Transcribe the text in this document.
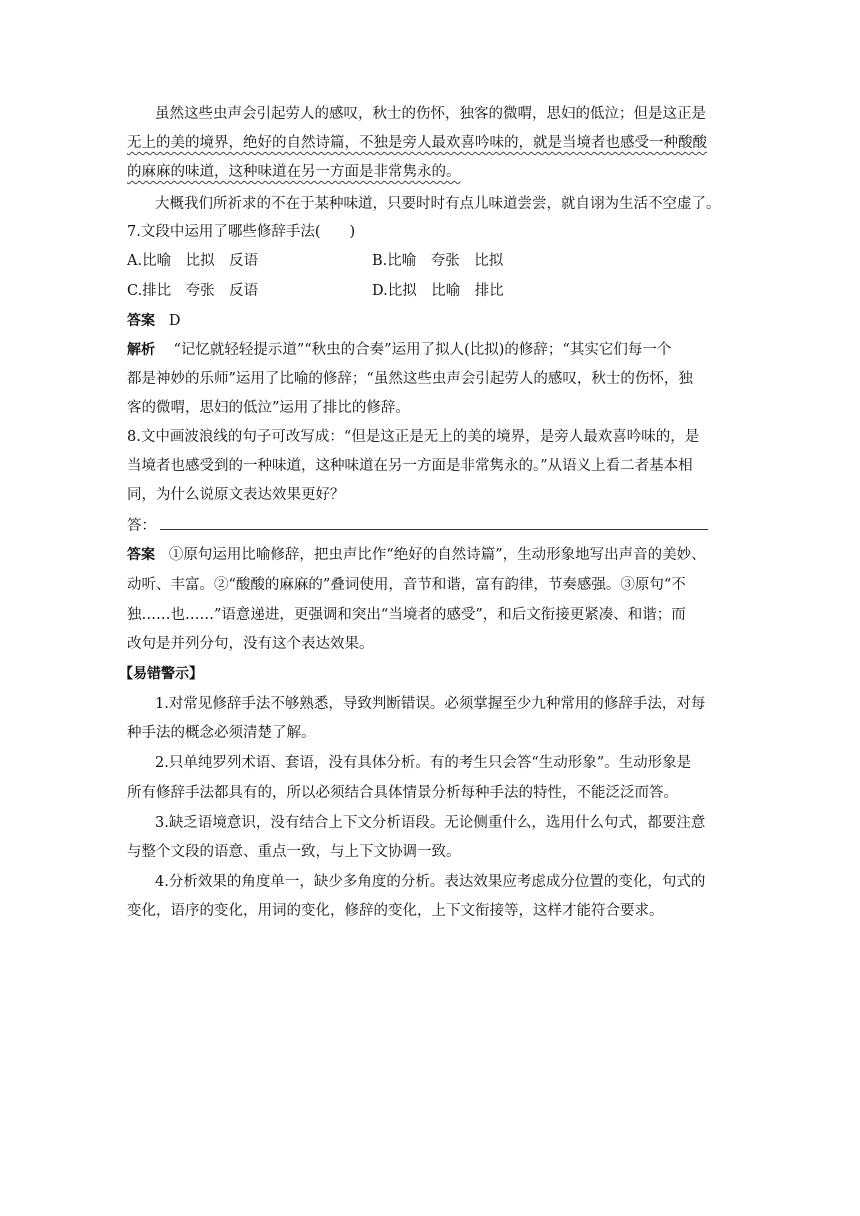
虽然这些虫声会引起劳人的感叹，秋士的伤怀，独客的微喟，思妇的低泣；但是这正是
无上的美的境界，绝好的自然诗篇，不独是旁人最欢喜吟味的，就是当境者也感受一种酸酸
的麻麻的味道，这种味道在另一方面是非常隽永的。
大概我们所祈求的不在于某种味道，只要时时有点儿味道尝尝，就自诩为生活不空虚了。
7.文段中运用了哪些修辞手法(　　)
A.比喻　比拟　反语	B.比喻　夸张　比拟
C.排比　夸张　反语	D.比拟　比喻　排比
答案 D
解析 “记忆就轻轻提示道”“秋虫的合奏”运用了拟人(比拟)的修辞；“其实它们每一个
都是神妙的乐师”运用了比喻的修辞；“虽然这些虫声会引起劳人的感叹，秋士的伤怀，独
客的微喟，思妇的低泣”运用了排比的修辞。
8.文中画波浪线的句子可改写成：“但是这正是无上的美的境界，是旁人最欢喜吟味的，是
当境者也感受到的一种味道，这种味道在另一方面是非常隽永的。”从语义上看二者基本相
同，为什么说原文表达效果更好？
答：
答案 ①原句运用比喻修辞，把虫声比作“绝好的自然诗篇”，生动形象地写出声音的美妙、
动听、丰富。②“酸酸的麻麻的”叠词使用，音节和谐，富有韵律，节奏感强。③原句“不
独……也……”语意递进，更强调和突出“当境者的感受”，和后文衔接更紧凑、和谐；而
改句是并列分句，没有这个表达效果。
【易错警示】
1.对常见修辞手法不够熟悉，导致判断错误。必须掌握至少九种常用的修辞手法，对每
种手法的概念必须清楚了解。
2.只单纯罗列术语、套语，没有具体分析。有的考生只会答“生动形象”。生动形象是
所有修辞手法都具有的，所以必须结合具体情景分析每种手法的特性，不能泛泛而答。
3.缺乏语境意识，没有结合上下文分析语段。无论侧重什么，选用什么句式，都要注意
与整个文段的语意、重点一致，与上下文协调一致。
4.分析效果的角度单一，缺少多角度的分析。表达效果应考虑成分位置的变化，句式的
变化，语序的变化，用词的变化，修辞的变化，上下文衔接等，这样才能符合要求。
